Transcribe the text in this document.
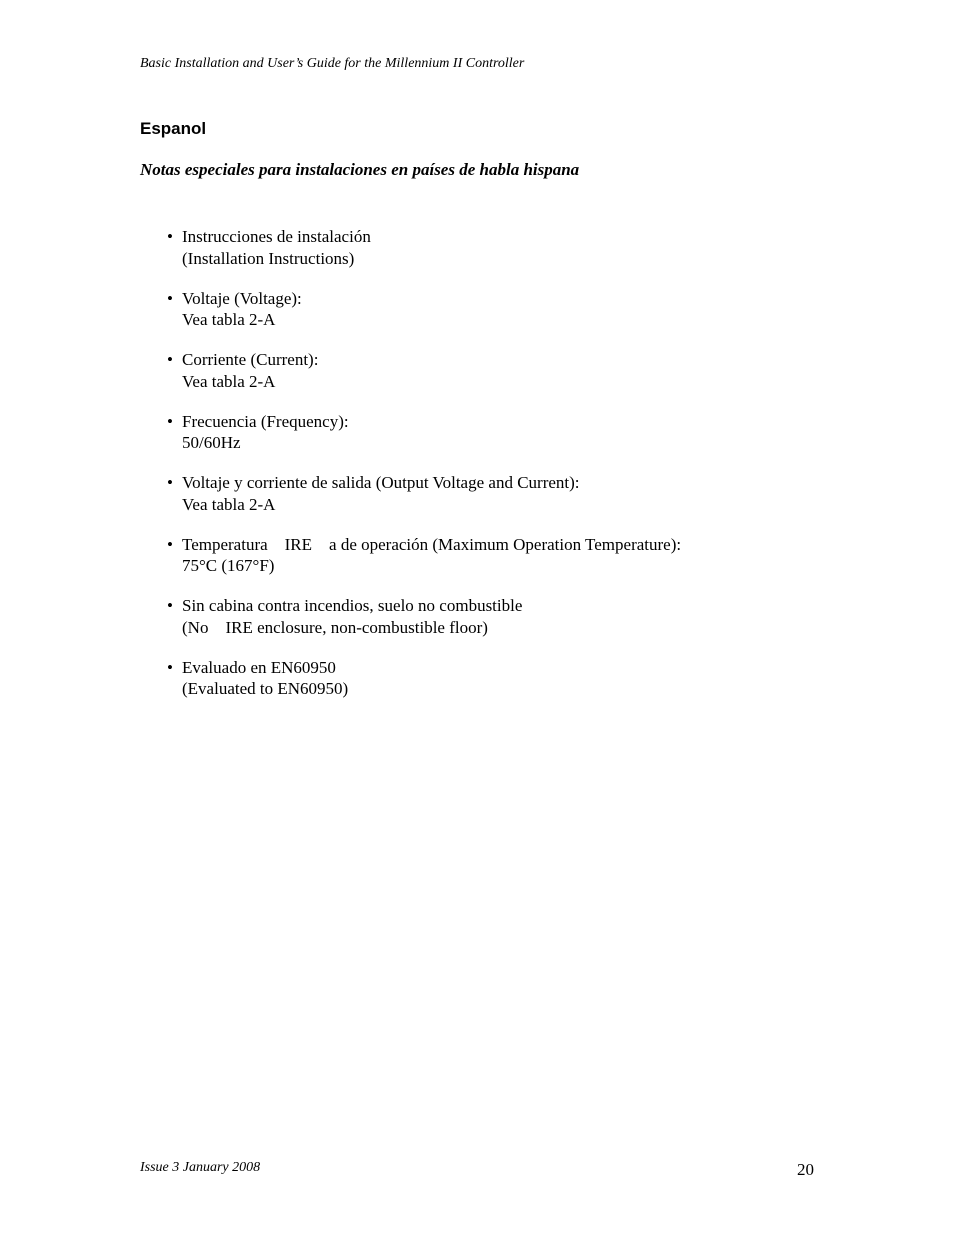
Basic Installation and User’s Guide for the Millennium II Controller
Espanol
Notas especiales para instalaciones en países de habla hispana
• Instrucciones de instalación
(Installation Instructions)
• Voltaje (Voltage):
Vea tabla 2-A
• Corriente (Current):
Vea tabla 2-A
• Frecuencia (Frequency):
50/60Hz
• Voltaje y corriente de salida (Output Voltage and Current):
Vea tabla 2-A
• Temperatura    IRE    a de operación (Maximum Operation Temperature):
75°C (167°F)
• Sin cabina contra incendios, suelo no combustible
(No    IRE enclosure, non-combustible floor)
• Evaluado en EN60950
(Evaluated to EN60950)
Issue 3 January 2008	20
